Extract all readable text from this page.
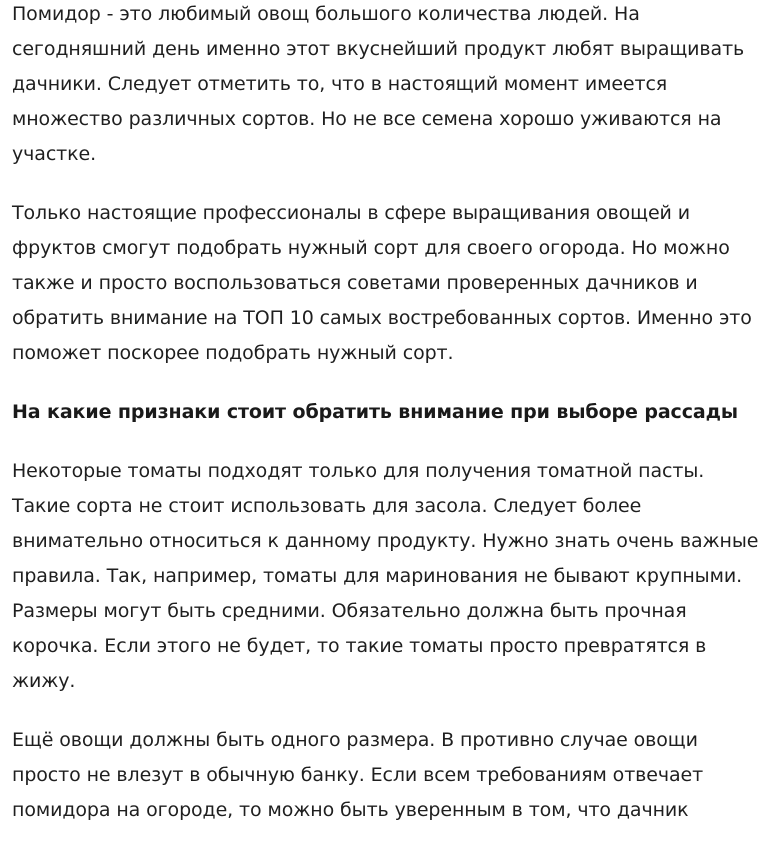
Помидор - это любимый овощ большого количества людей. На сегодняшний день именно этот вкуснейший продукт любят выращивать дачники. Следует отметить то, что в настоящий момент имеется множество различных сортов. Но не все семена хорошо уживаются на участке.

Только настоящие профессионалы в сфере выращивания овощей и фруктов смогут подобрать нужный сорт для своего огорода. Но можно также и просто воспользоваться советами проверенных дачников и обратить внимание на ТОП 10 самых востребованных сортов. Именно это поможет поскорее подобрать нужный сорт.

На какие признаки стоит обратить внимание при выборе рассады

Некоторые томаты подходят только для получения томатной пасты. Такие сорта не стоит использовать для засола. Следует более внимательно относиться к данному продукту. Нужно знать очень важные правила. Так, например, томаты для маринования не бывают крупными. Размеры могут быть средними. Обязательно должна быть прочная корочка. Если этого не будет, то такие томаты просто превратятся в жижу.

Ещё овощи должны быть одного размера. В противно случае овощи просто не влезут в обычную банку. Если всем требованиям отвечает помидора на огороде, то можно быть уверенным в том, что дачник
